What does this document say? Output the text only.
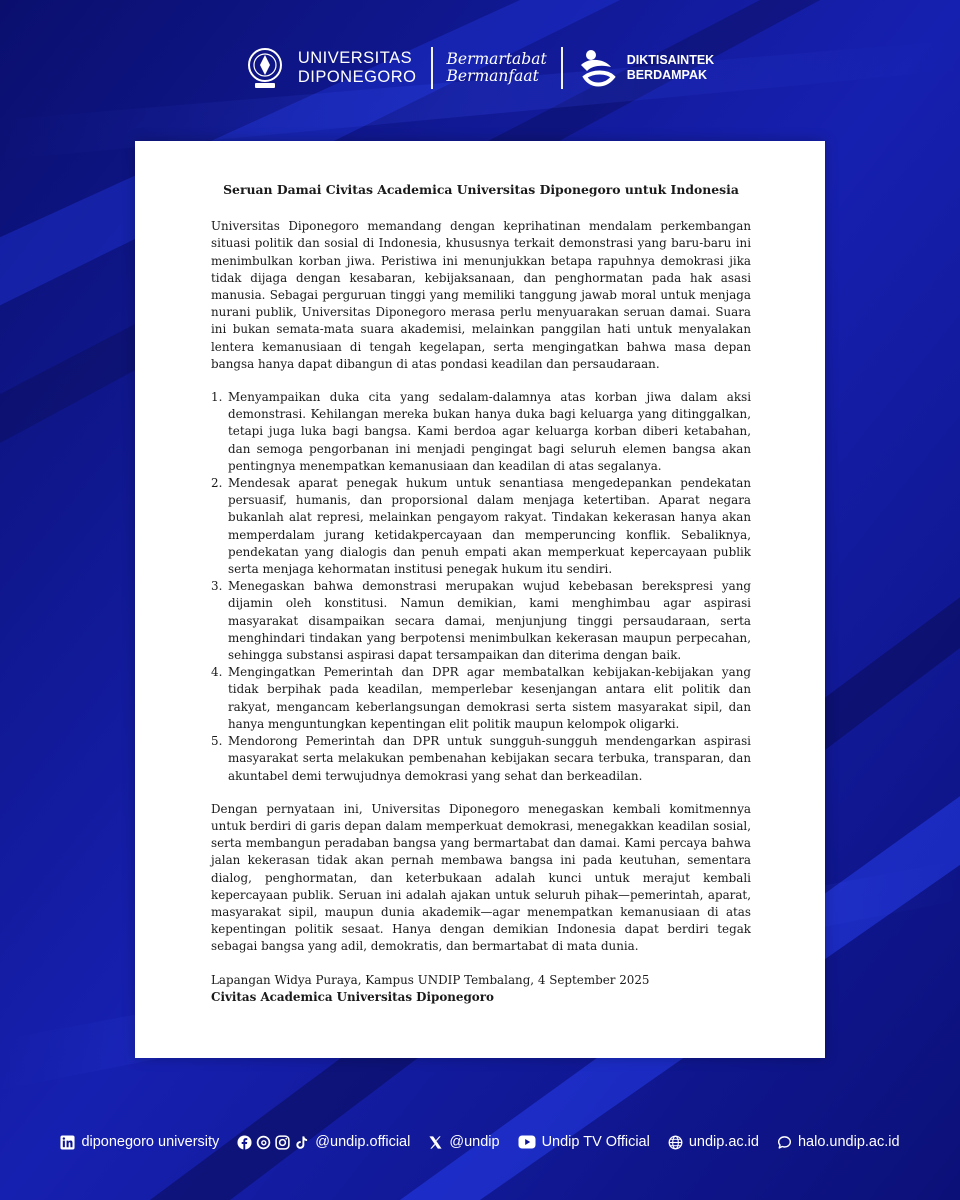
UNIVERSITAS
DIPONEGORO
Bermartabat
Bermanfaat
DIKTISAINTEK
BERDAMPAK
Seruan Damai Civitas Academica Universitas Diponegoro untuk Indonesia

Universitas Diponegoro memandang dengan keprihatinan mendalam perkembangan situasi politik dan sosial di Indonesia, khususnya terkait demonstrasi yang baru-baru ini menimbulkan korban jiwa. Peristiwa ini menunjukkan betapa rapuhnya demokrasi jika tidak dijaga dengan kesabaran, kebijaksanaan, dan penghormatan pada hak asasi manusia. Sebagai perguruan tinggi yang memiliki tanggung jawab moral untuk menjaga nurani publik, Universitas Diponegoro merasa perlu menyuarakan seruan damai. Suara ini bukan semata-mata suara akademisi, melainkan panggilan hati untuk menyalakan lentera kemanusiaan di tengah kegelapan, serta mengingatkan bahwa masa depan bangsa hanya dapat dibangun di atas pondasi keadilan dan persaudaraan.

1. Menyampaikan duka cita yang sedalam-dalamnya atas korban jiwa dalam aksi demonstrasi. Kehilangan mereka bukan hanya duka bagi keluarga yang ditinggalkan, tetapi juga luka bagi bangsa. Kami berdoa agar keluarga korban diberi ketabahan, dan semoga pengorbanan ini menjadi pengingat bagi seluruh elemen bangsa akan pentingnya menempatkan kemanusiaan dan keadilan di atas segalanya.
2. Mendesak aparat penegak hukum untuk senantiasa mengedepankan pendekatan persuasif, humanis, dan proporsional dalam menjaga ketertiban. Aparat negara bukanlah alat represi, melainkan pengayom rakyat. Tindakan kekerasan hanya akan memperdalam jurang ketidakpercayaan dan memperuncing konflik. Sebaliknya, pendekatan yang dialogis dan penuh empati akan memperkuat kepercayaan publik serta menjaga kehormatan institusi penegak hukum itu sendiri.
3. Menegaskan bahwa demonstrasi merupakan wujud kebebasan berekspresi yang dijamin oleh konstitusi. Namun demikian, kami menghimbau agar aspirasi masyarakat disampaikan secara damai, menjunjung tinggi persaudaraan, serta menghindari tindakan yang berpotensi menimbulkan kekerasan maupun perpecahan, sehingga substansi aspirasi dapat tersampaikan dan diterima dengan baik.
4. Mengingatkan Pemerintah dan DPR agar membatalkan kebijakan-kebijakan yang tidak berpihak pada keadilan, memperlebar kesenjangan antara elit politik dan rakyat, mengancam keberlangsungan demokrasi serta sistem masyarakat sipil, dan hanya menguntungkan kepentingan elit politik maupun kelompok oligarki.
5. Mendorong Pemerintah dan DPR untuk sungguh-sungguh mendengarkan aspirasi masyarakat serta melakukan pembenahan kebijakan secara terbuka, transparan, dan akuntabel demi terwujudnya demokrasi yang sehat dan berkeadilan.

Dengan pernyataan ini, Universitas Diponegoro menegaskan kembali komitmennya untuk berdiri di garis depan dalam memperkuat demokrasi, menegakkan keadilan sosial, serta membangun peradaban bangsa yang bermartabat dan damai. Kami percaya bahwa jalan kekerasan tidak akan pernah membawa bangsa ini pada keutuhan, sementara dialog, penghormatan, dan keterbukaan adalah kunci untuk merajut kembali kepercayaan publik. Seruan ini adalah ajakan untuk seluruh pihak—pemerintah, aparat, masyarakat sipil, maupun dunia akademik—agar menempatkan kemanusiaan di atas kepentingan politik sesaat. Hanya dengan demikian Indonesia dapat berdiri tegak sebagai bangsa yang adil, demokratis, dan bermartabat di mata dunia.

Lapangan Widya Puraya, Kampus UNDIP Tembalang, 4 September 2025
Civitas Academica Universitas Diponegoro
diponegoro university	@undip.official	@undip	Undip TV Official	undip.ac.id	halo.undip.ac.id
